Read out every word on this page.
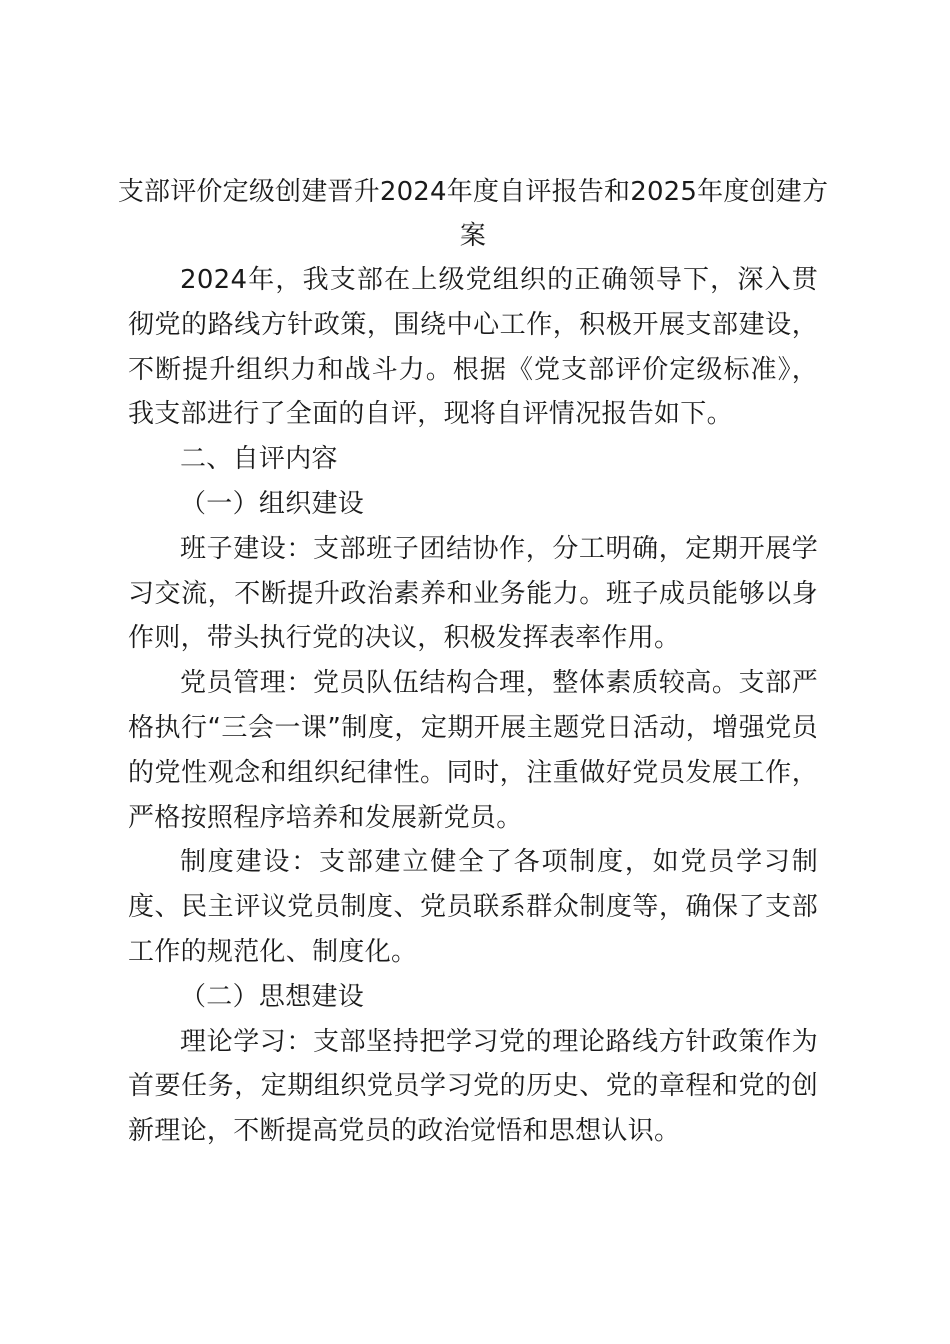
支部评价定级创建晋升2024年度自评报告和2025年度创建方案

2024年，我支部在上级党组织的正确领导下，深入贯彻党的路线方针政策，围绕中心工作，积极开展支部建设，不断提升组织力和战斗力。根据《党支部评价定级标准》，我支部进行了全面的自评，现将自评情况报告如下。

二、自评内容

（一）组织建设

班子建设：支部班子团结协作，分工明确，定期开展学习交流，不断提升政治素养和业务能力。班子成员能够以身作则，带头执行党的决议，积极发挥表率作用。

党员管理：党员队伍结构合理，整体素质较高。支部严格执行“三会一课”制度，定期开展主题党日活动，增强党员的党性观念和组织纪律性。同时，注重做好党员发展工作，严格按照程序培养和发展新党员。

制度建设：支部建立健全了各项制度，如党员学习制度、民主评议党员制度、党员联系群众制度等，确保了支部工作的规范化、制度化。

（二）思想建设

理论学习：支部坚持把学习党的理论路线方针政策作为首要任务，定期组织党员学习党的历史、党的章程和党的创新理论，不断提高党员的政治觉悟和思想认识。
